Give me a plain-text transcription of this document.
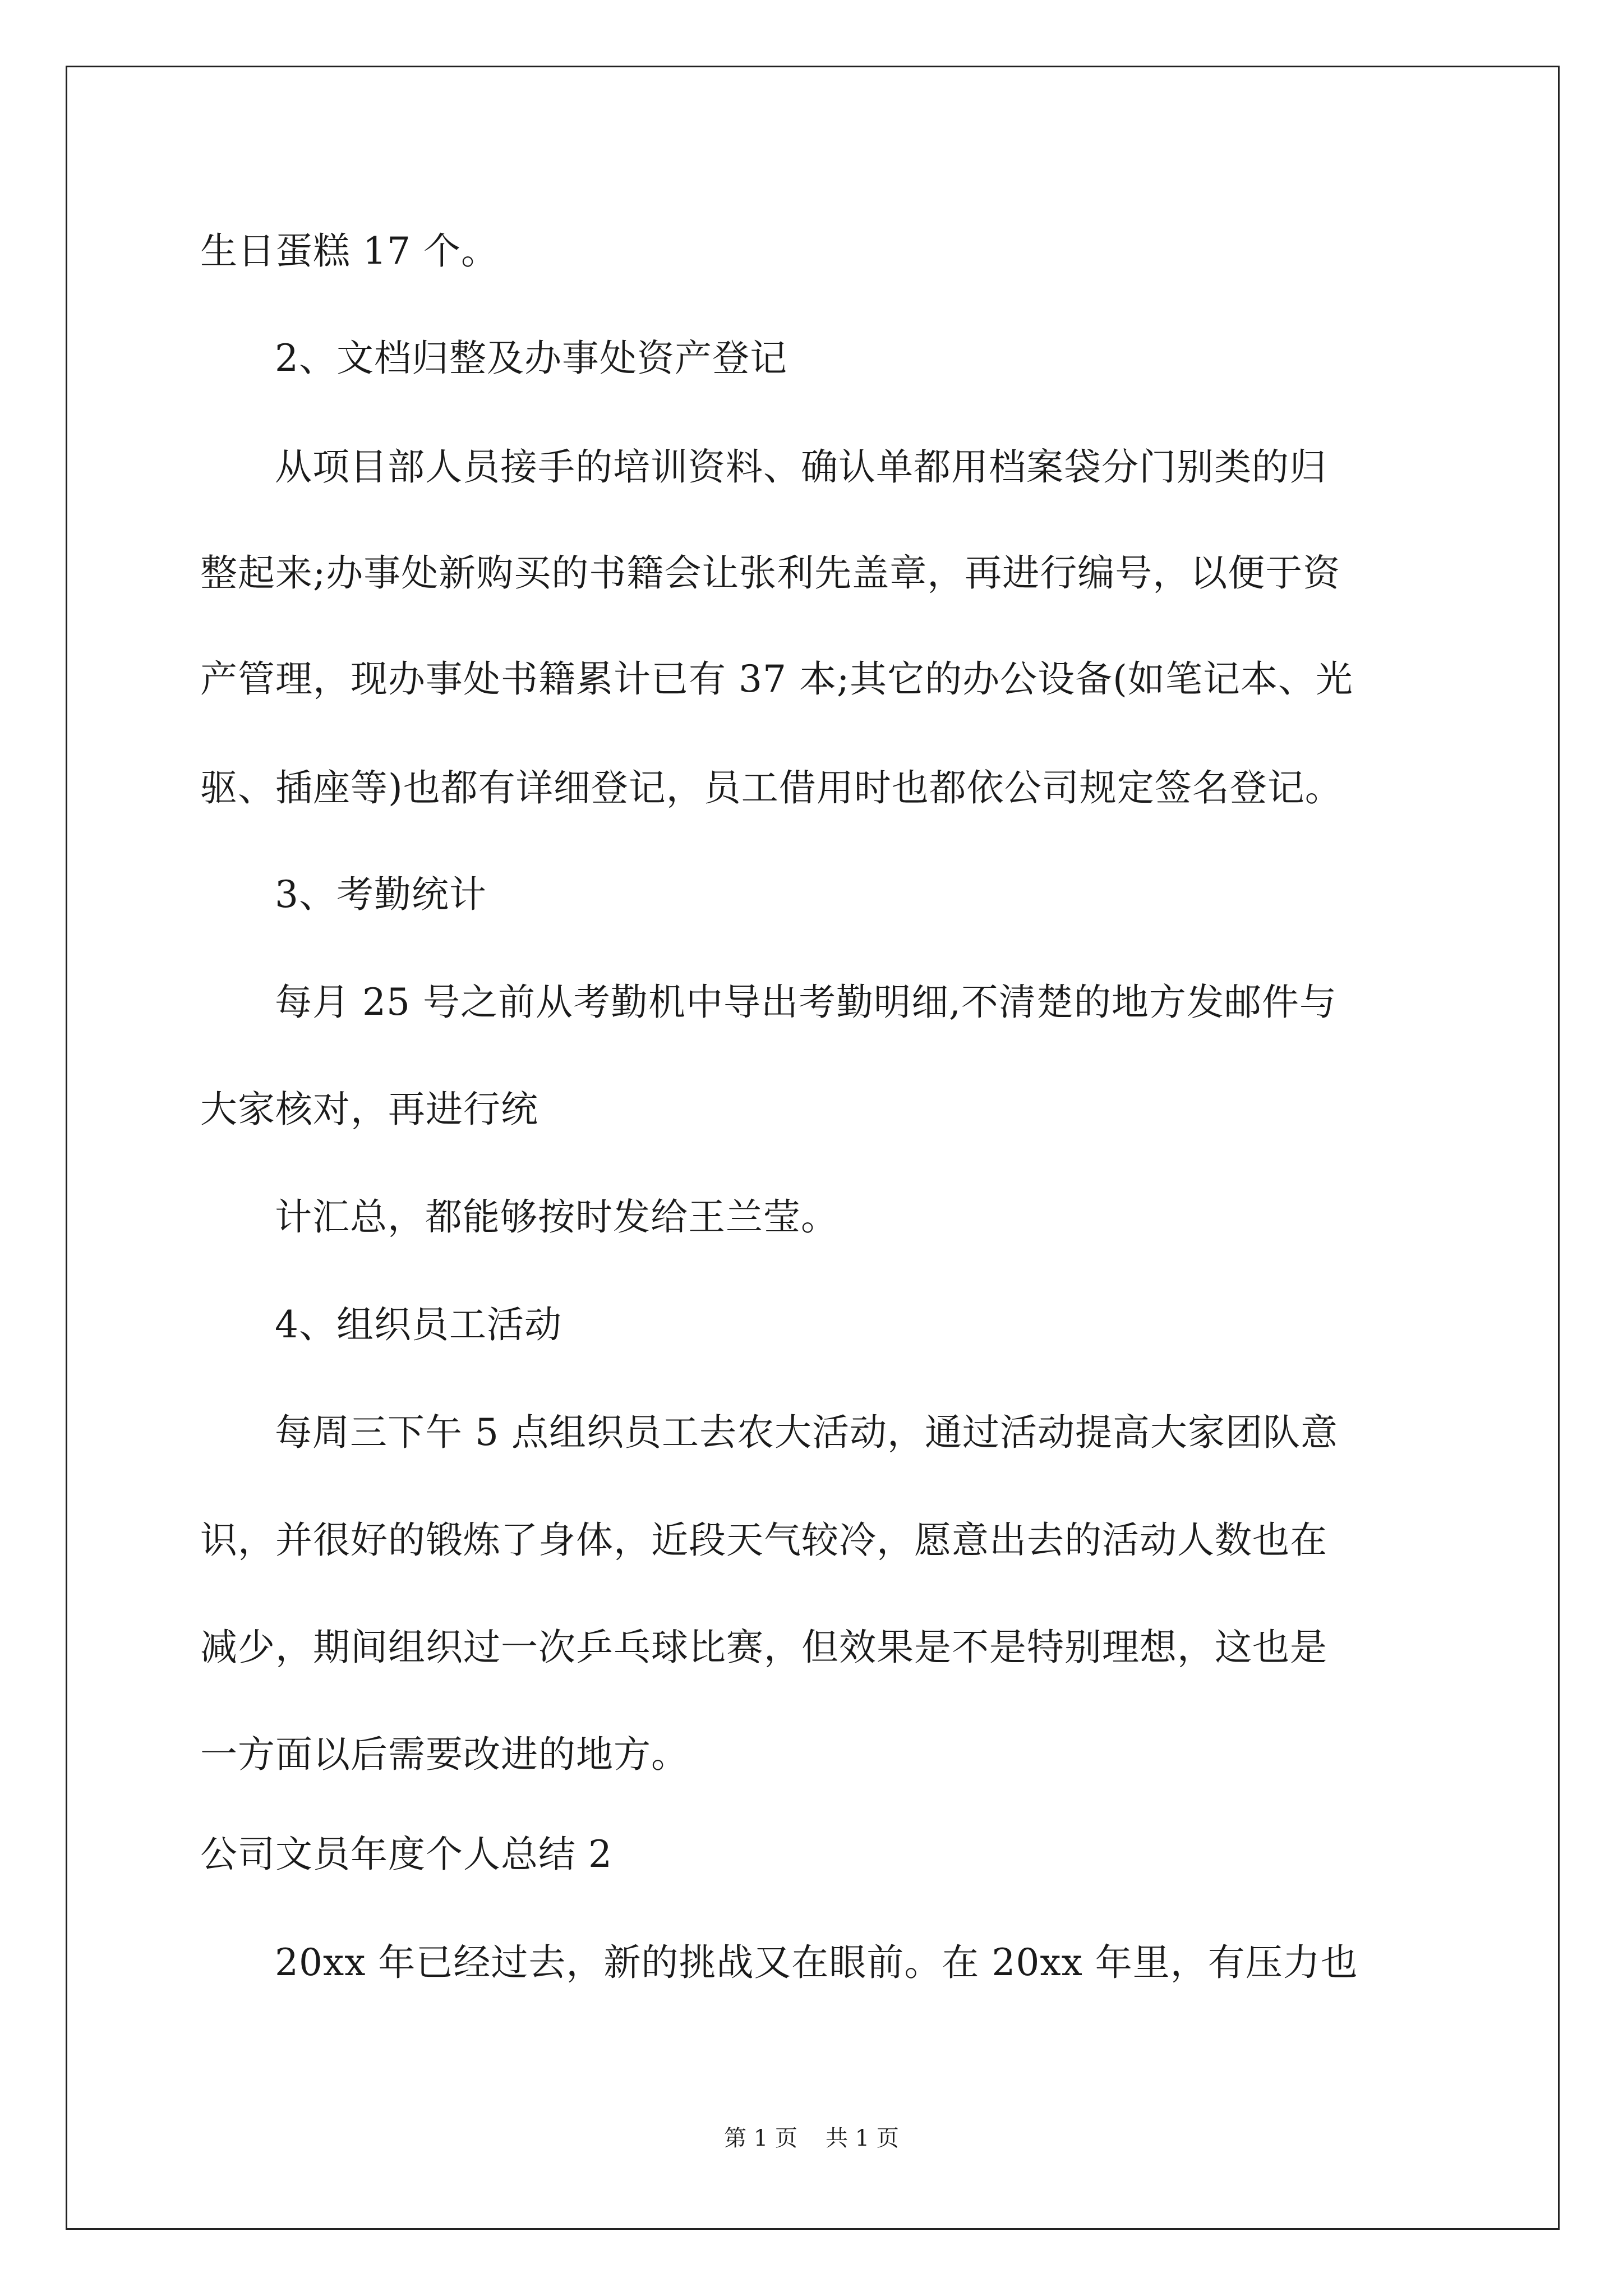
生日蛋糕 17 个。
2、文档归整及办事处资产登记
从项目部人员接手的培训资料、确认单都用档案袋分门别类的归
整起来;办事处新购买的书籍会让张利先盖章，再进行编号，以便于资
产管理，现办事处书籍累计已有 37 本;其它的办公设备(如笔记本、光
驱、插座等)也都有详细登记，员工借用时也都依公司规定签名登记。
3、考勤统计
每月 25 号之前从考勤机中导出考勤明细,不清楚的地方发邮件与
大家核对，再进行统
计汇总，都能够按时发给王兰莹。
4、组织员工活动
每周三下午 5 点组织员工去农大活动，通过活动提高大家团队意
识，并很好的锻炼了身体，近段天气较冷，愿意出去的活动人数也在
减少，期间组织过一次乒乓球比赛，但效果是不是特别理想，这也是
一方面以后需要改进的地方。
公司文员年度个人总结 2
20xx 年已经过去，新的挑战又在眼前。在 20xx 年里，有压力也
第 1 页 共 1 页
